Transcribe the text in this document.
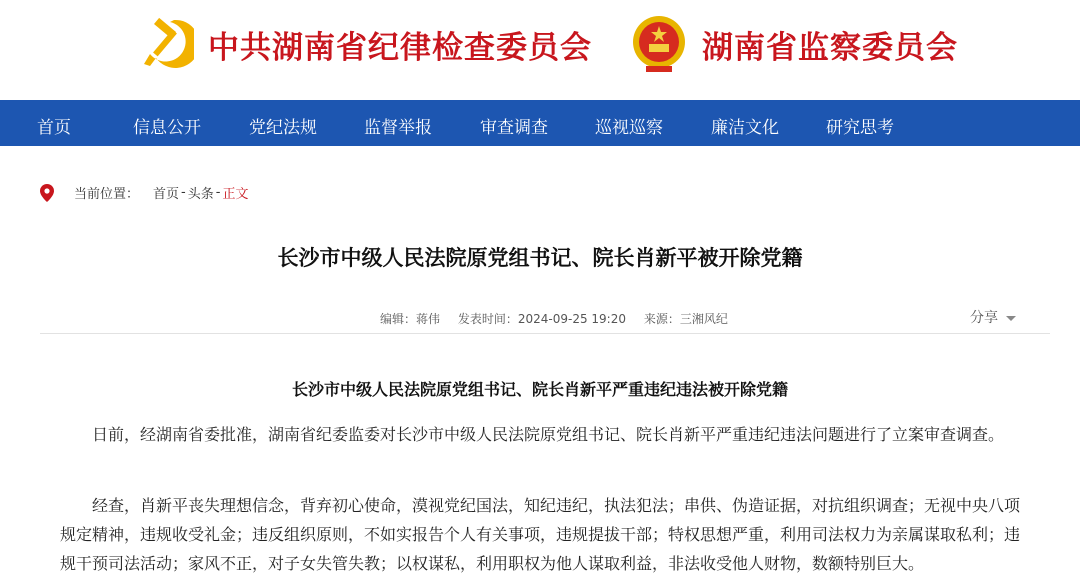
中共湖南省纪律检查委员会	湖南省监察委员会
首页	信息公开	党纪法规	监督举报	审查调查	巡视巡察	廉洁文化	研究思考
当前位置： 首页 - 头条 - 正文
长沙市中级人民法院原党组书记、院长肖新平被开除党籍
编辑：蒋伟 发表时间：2024-09-25 19:20 来源：三湘风纪	分享
长沙市中级人民法院原党组书记、院长肖新平严重违纪违法被开除党籍

日前，经湖南省委批准，湖南省纪委监委对长沙市中级人民法院原党组书记、院长肖新平严重违纪违法问题进行了立案审查调查。

经查，肖新平丧失理想信念，背弃初心使命，漠视党纪国法，知纪违纪，执法犯法；串供、伪造证据，对抗组织调查；无视中央八项规定精神，违规收受礼金；违反组织原则，不如实报告个人有关事项，违规提拔干部；特权思想严重，利用司法权力为亲属谋取私利；违规干预司法活动；家风不正，对子女失管失教；以权谋私，利用职权为他人谋取利益，非法收受他人财物，数额特别巨大。
